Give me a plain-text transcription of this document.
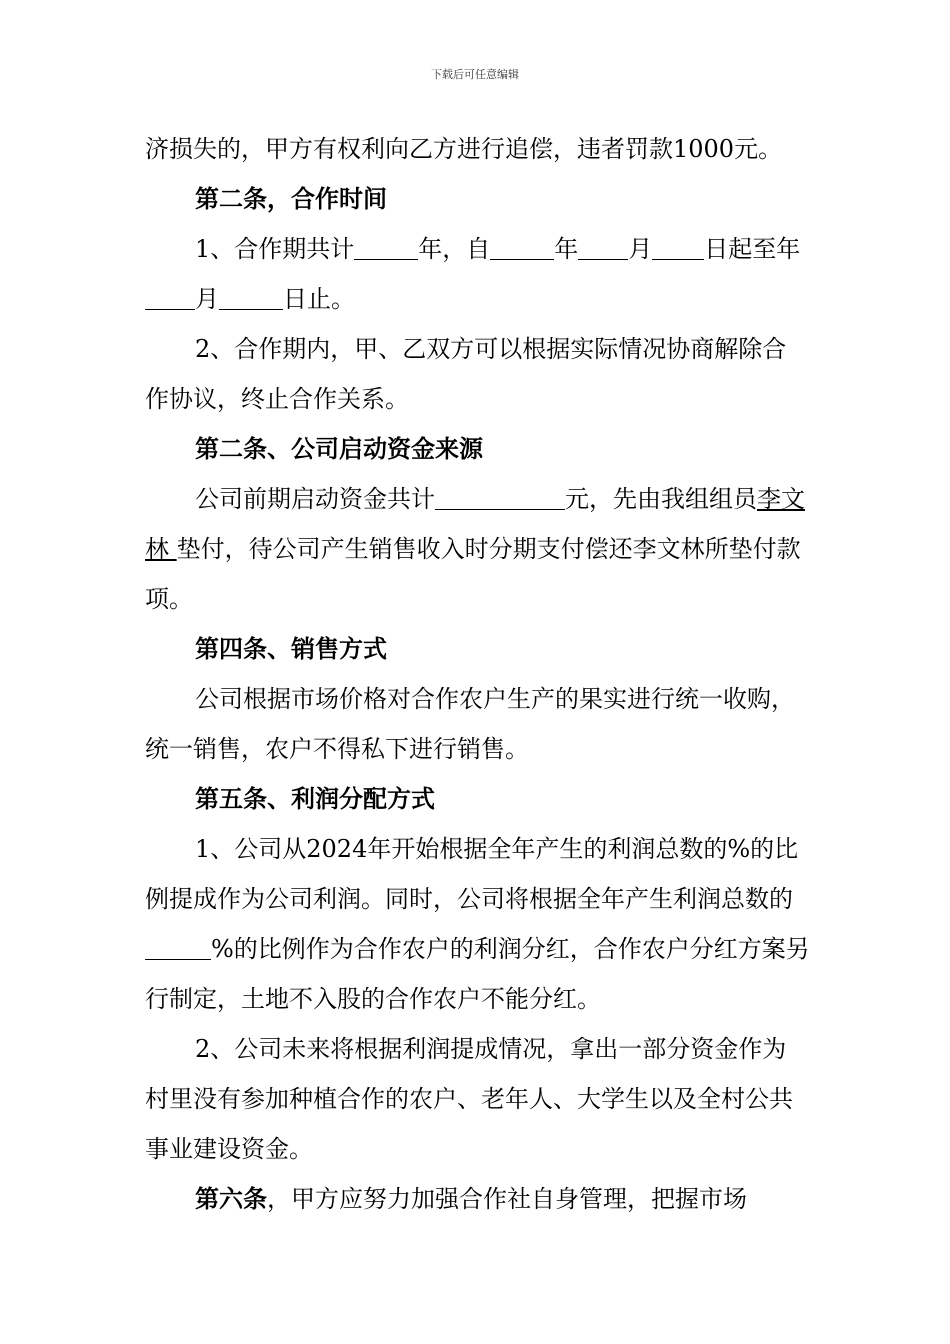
下载后可任意编辑

济损失的，甲方有权利向乙方进行追偿，违者罚款1000元。

第二条，合作时间

1、合作期共计	年，自	年 月 日起至年月	日止。

2、合作期内，甲、乙双方可以根据实际情况协商解除合作协议，终止合作关系。

第二条、公司启动资金来源

公司前期启动资金共计	元，先由我组组员李文林 垫付，待公司产生销售收入时分期支付偿还李文林所垫付款项。

第四条、销售方式

公司根据市场价格对合作农户生产的果实进行统一收购，统一销售，农户不得私下进行销售。

第五条、利润分配方式

1、公司从2024年开始根据全年产生的利润总数的%的比例提成作为公司利润。同时，公司将根据全年产生利润总数的%的比例作为合作农户的利润分红，合作农户分红方案另行制定，土地不入股的合作农户不能分红。

2、公司未来将根据利润提成情况，拿出一部分资金作为村里没有参加种植合作的农户、老年人、大学生以及全村公共事业建设资金。

第六条，甲方应努力加强合作社自身管理，把握市场
